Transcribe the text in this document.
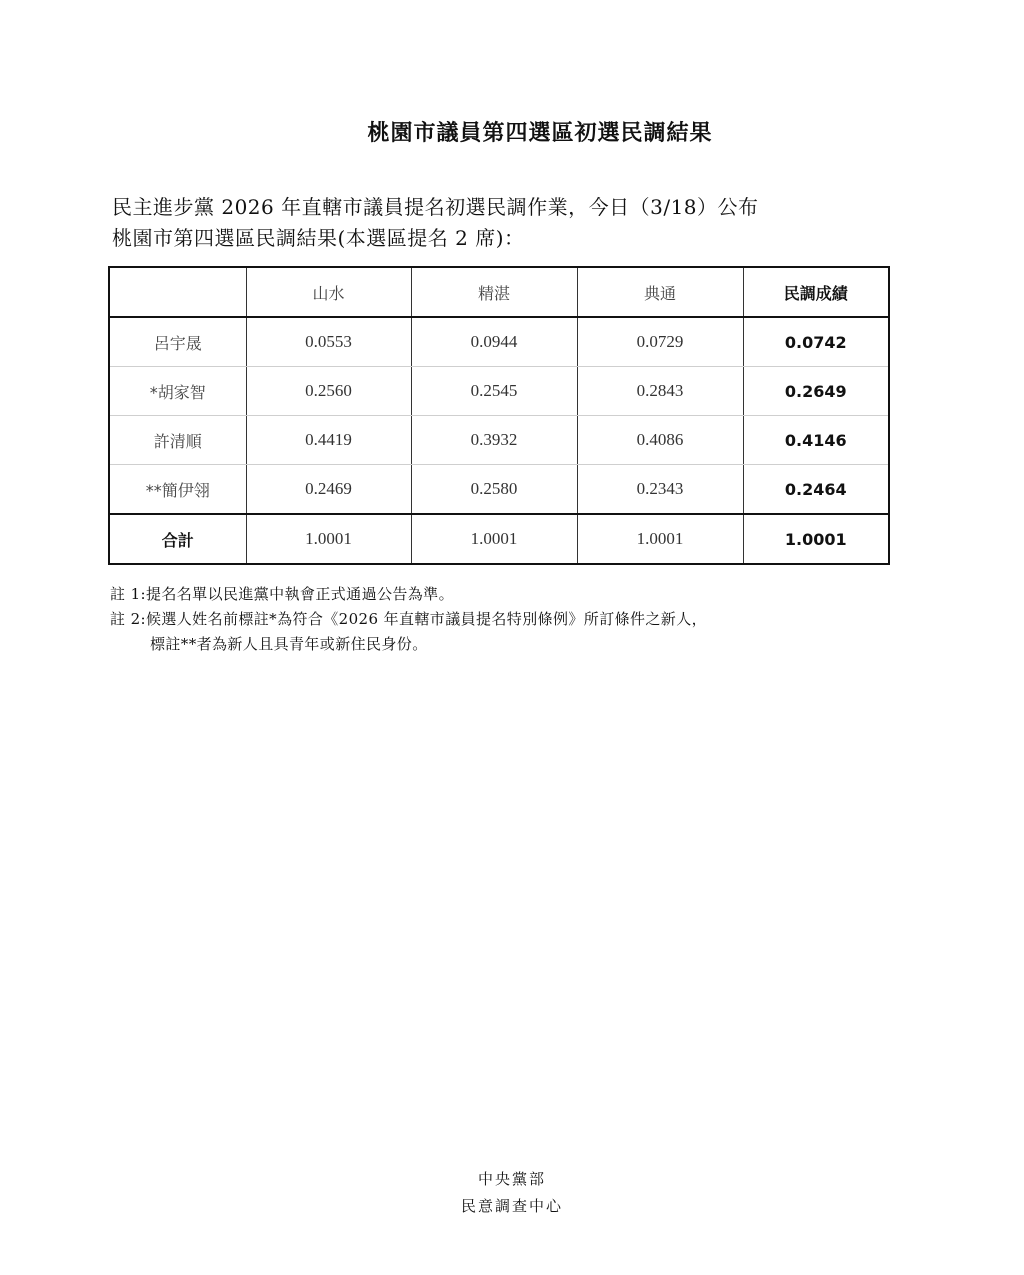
桃園市議員第四選區初選民調結果
民主進步黨 2026 年直轄市議員提名初選民調作業，今日（3/18）公布
桃園市第四選區民調結果(本選區提名 2 席)：
	山水	精湛	典通	民調成績
呂宇晟	0.0553	0.0944	0.0729	0.0742
*胡家智	0.2560	0.2545	0.2843	0.2649
許清順	0.4419	0.3932	0.4086	0.4146
**簡伊翎	0.2469	0.2580	0.2343	0.2464
合計	1.0001	1.0001	1.0001	1.0001
註 1:提名名單以民進黨中執會正式通過公告為準。
註 2:候選人姓名前標註*為符合《2026 年直轄市議員提名特別條例》所訂條件之新人，
標註**者為新人且具青年或新住民身份。
中央黨部
民意調查中心
